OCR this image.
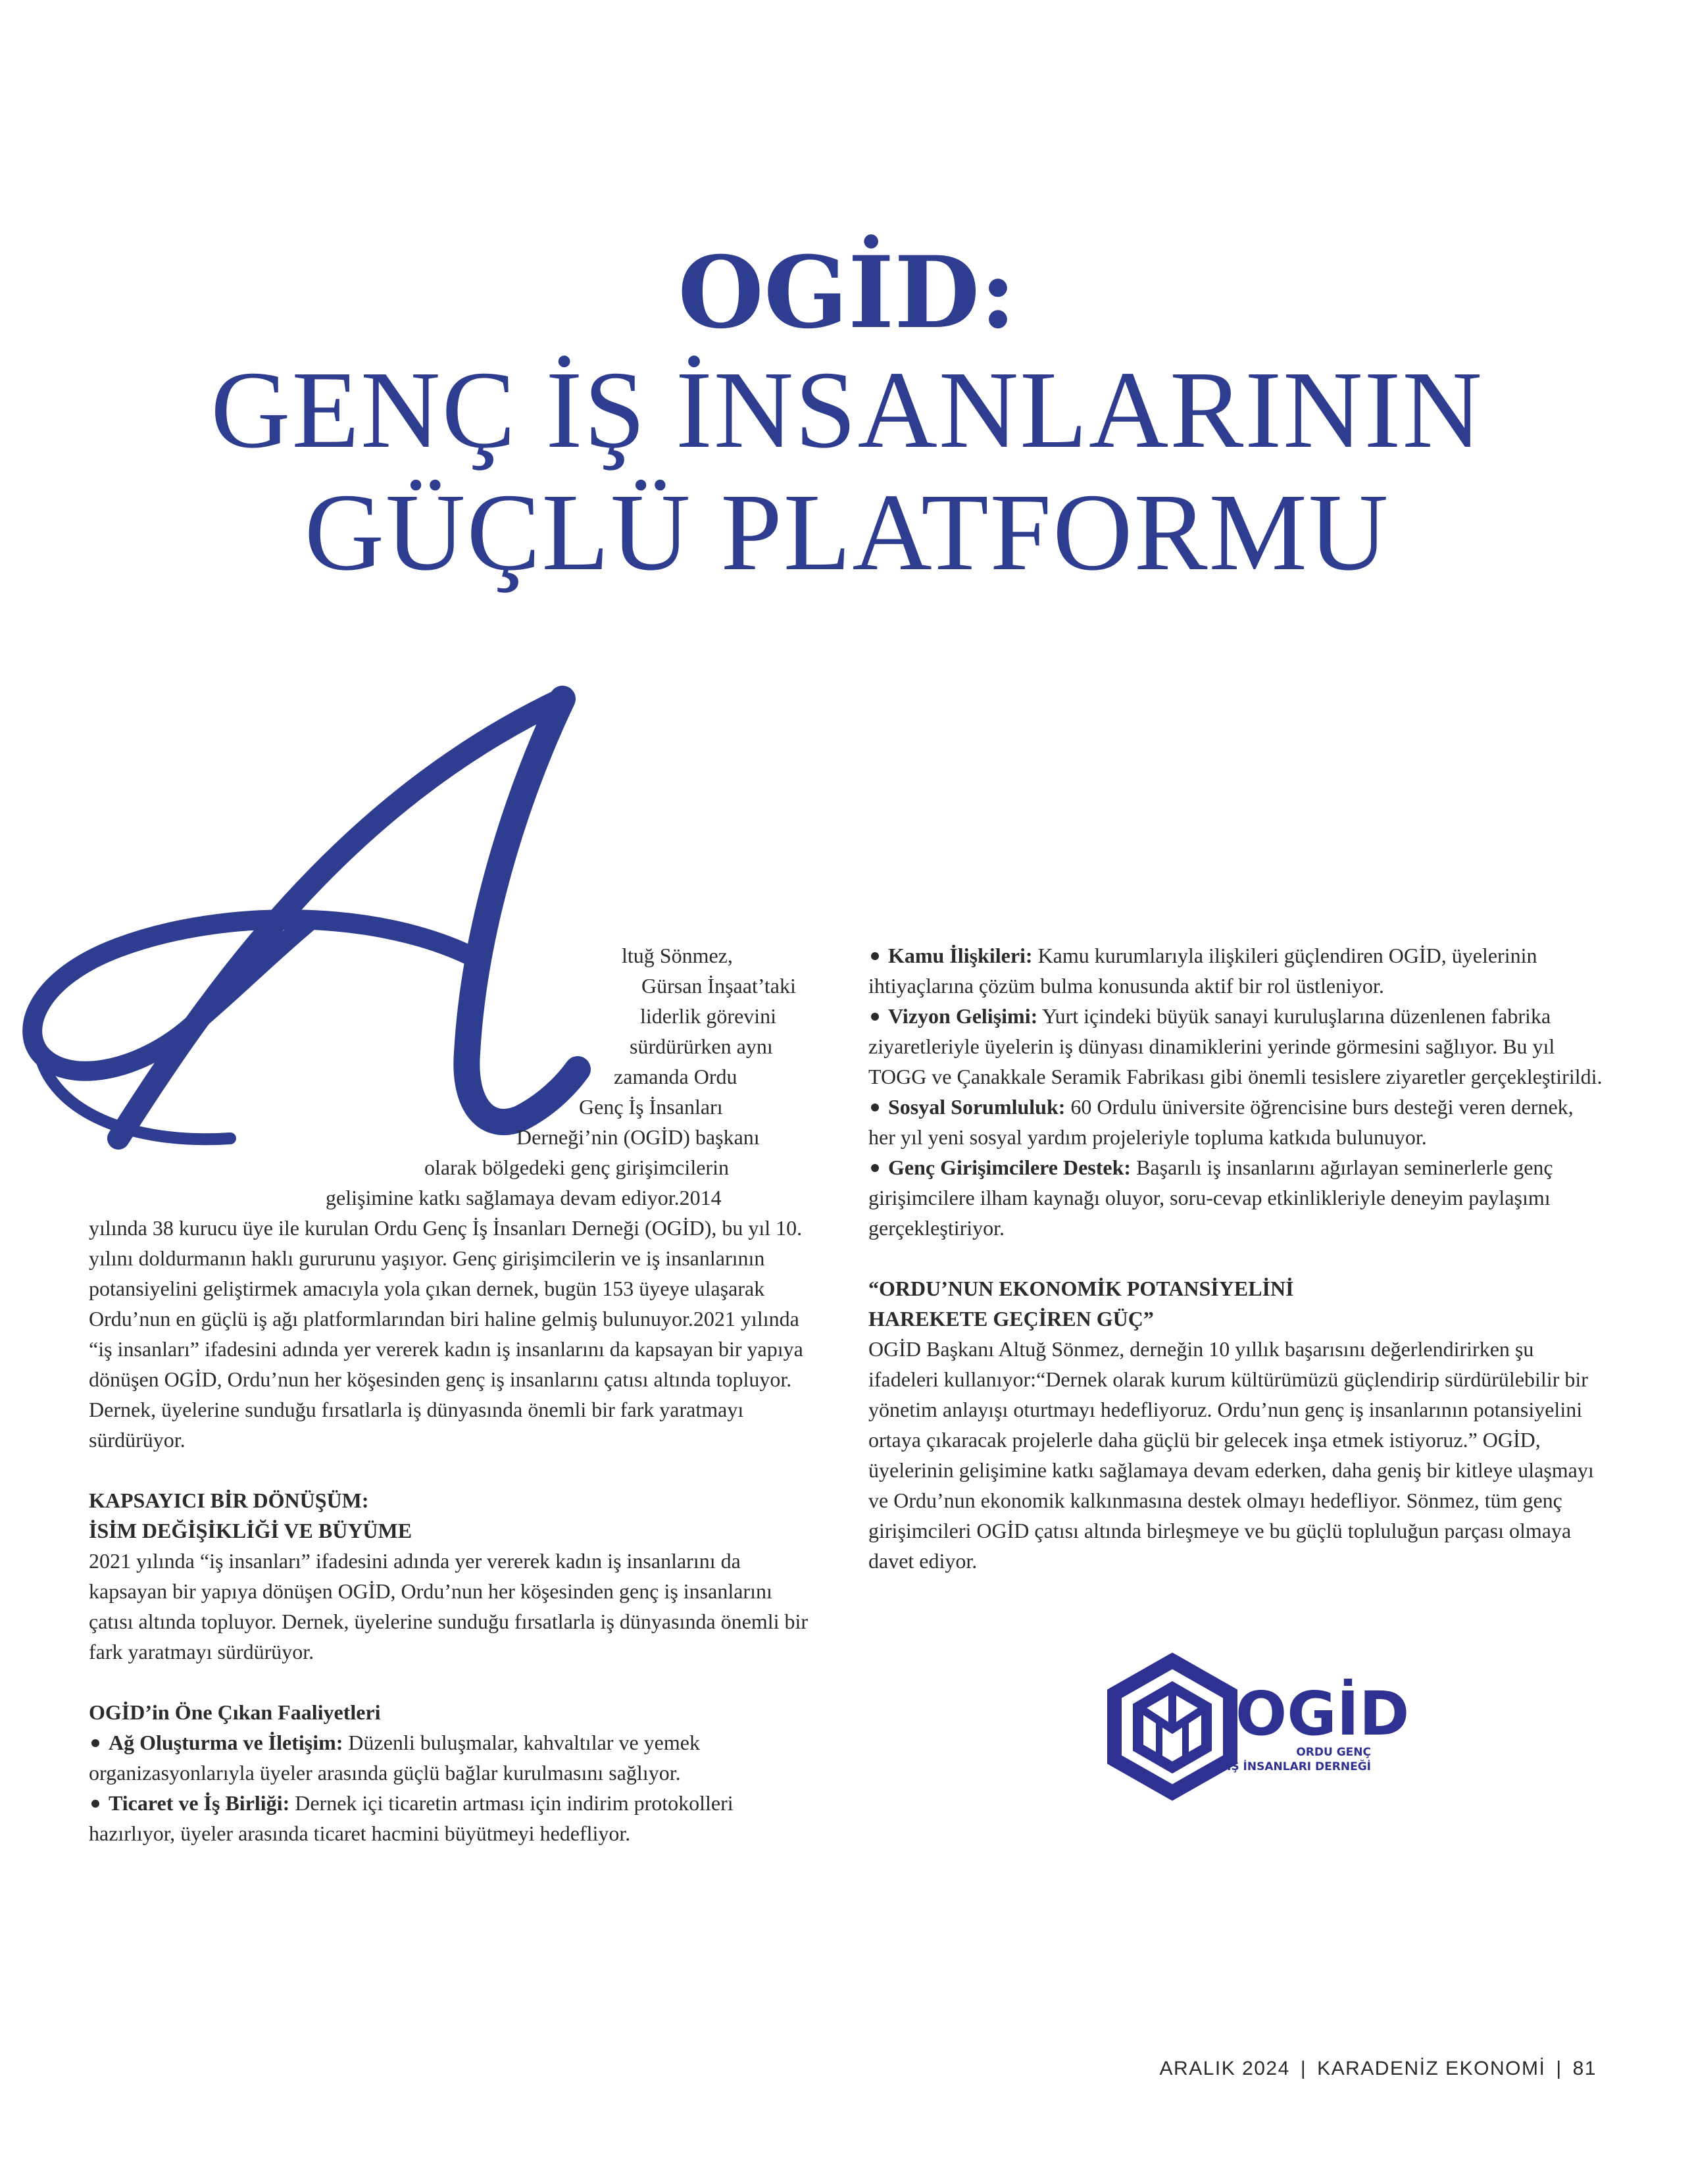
OGİD:
GENÇ İŞ İNSANLARININ
GÜÇLÜ PLATFORMU
ltuğ Sönmez,
Gürsan İnşaat’taki
liderlik görevini
sürdürürken aynı
zamanda Ordu
Genç İş İnsanları
Derneği’nin (OGİD) başkanı
olarak bölgedeki genç girişimcilerin
gelişimine katkı sağlamaya devam ediyor.2014

yılında 38 kurucu üye ile kurulan Ordu Genç İş İnsanları Derneği (OGİD), bu yıl 10. yılını doldurmanın haklı gururunu yaşıyor. Genç girişimcilerin ve iş insanlarının potansiyelini geliştirmek amacıyla yola çıkan dernek, bugün 153 üyeye ulaşarak Ordu’nun en güçlü iş ağı platformlarından biri haline gelmiş bulunuyor.2021 yılında “iş insanları” ifadesini adında yer vererek kadın iş insanlarını da kapsayan bir yapıya dönüşen OGİD, Ordu’nun her köşesinden genç iş insanlarını çatısı altında topluyor. Dernek, üyelerine sunduğu fırsatlarla iş dünyasında önemli bir fark yaratmayı sürdürüyor.

KAPSAYICI BİR DÖNÜŞÜM:
İSİM DEĞİŞİKLİĞİ VE BÜYÜME

2021 yılında “iş insanları” ifadesini adında yer vererek kadın iş insanlarını da kapsayan bir yapıya dönüşen OGİD, Ordu’nun her köşesinden genç iş insanlarını çatısı altında topluyor. Dernek, üyelerine sunduğu fırsatlarla iş dünyasında önemli bir fark yaratmayı sürdürüyor.

OGİD’in Öne Çıkan Faaliyetleri

Ağ Oluşturma ve İletişim: Düzenli buluşmalar, kahvaltılar ve yemek organizasyonlarıyla üyeler arasında güçlü bağlar kurulmasını sağlıyor.

Ticaret ve İş Birliği: Dernek içi ticaretin artması için indirim protokolleri hazırlıyor, üyeler arasında ticaret hacmini büyütmeyi hedefliyor.

Kamu İlişkileri: Kamu kurumlarıyla ilişkileri güçlendiren OGİD, üyelerinin ihtiyaçlarına çözüm bulma konusunda aktif bir rol üstleniyor.

Vizyon Gelişimi: Yurt içindeki büyük sanayi kuruluşlarına düzenlenen fabrika ziyaretleriyle üyelerin iş dünyası dinamiklerini yerinde görmesini sağlıyor. Bu yıl TOGG ve Çanakkale Seramik Fabrikası gibi önemli tesislere ziyaretler gerçekleştirildi.

Sosyal Sorumluluk: 60 Ordulu üniversite öğrencisine burs desteği veren dernek, her yıl yeni sosyal yardım projeleriyle topluma katkıda bulunuyor.

Genç Girişimcilere Destek: Başarılı iş insanlarını ağırlayan seminerlerle genç girişimcilere ilham kaynağı oluyor, soru-cevap etkinlikleriyle deneyim paylaşımı gerçekleştiriyor.

“ORDU’NUN EKONOMİK POTANSİYELİNİ
HAREKETE GEÇİREN GÜÇ”

OGİD Başkanı Altuğ Sönmez, derneğin 10 yıllık başarısını değerlendirirken şu ifadeleri kullanıyor:“Dernek olarak kurum kültürümüzü güçlendirip sürdürülebilir bir yönetim anlayışı oturtmayı hedefliyoruz. Ordu’nun genç iş insanlarının potansiyelini ortaya çıkaracak projelerle daha güçlü bir gelecek inşa etmek istiyoruz.” OGİD, üyelerinin gelişimine katkı sağlamaya devam ederken, daha geniş bir kitleye ulaşmayı ve Ordu’nun ekonomik kalkınmasına destek olmayı hedefliyor. Sönmez, tüm genç girişimcileri OGİD çatısı altında birleşmeye ve bu güçlü topluluğun parçası olmaya davet ediyor.

OGİD
ORDU GENÇ
İŞ İNSANLARI DERNEĞİ
ARALIK 2024 | KARADENİZ EKONOMİ | 81
